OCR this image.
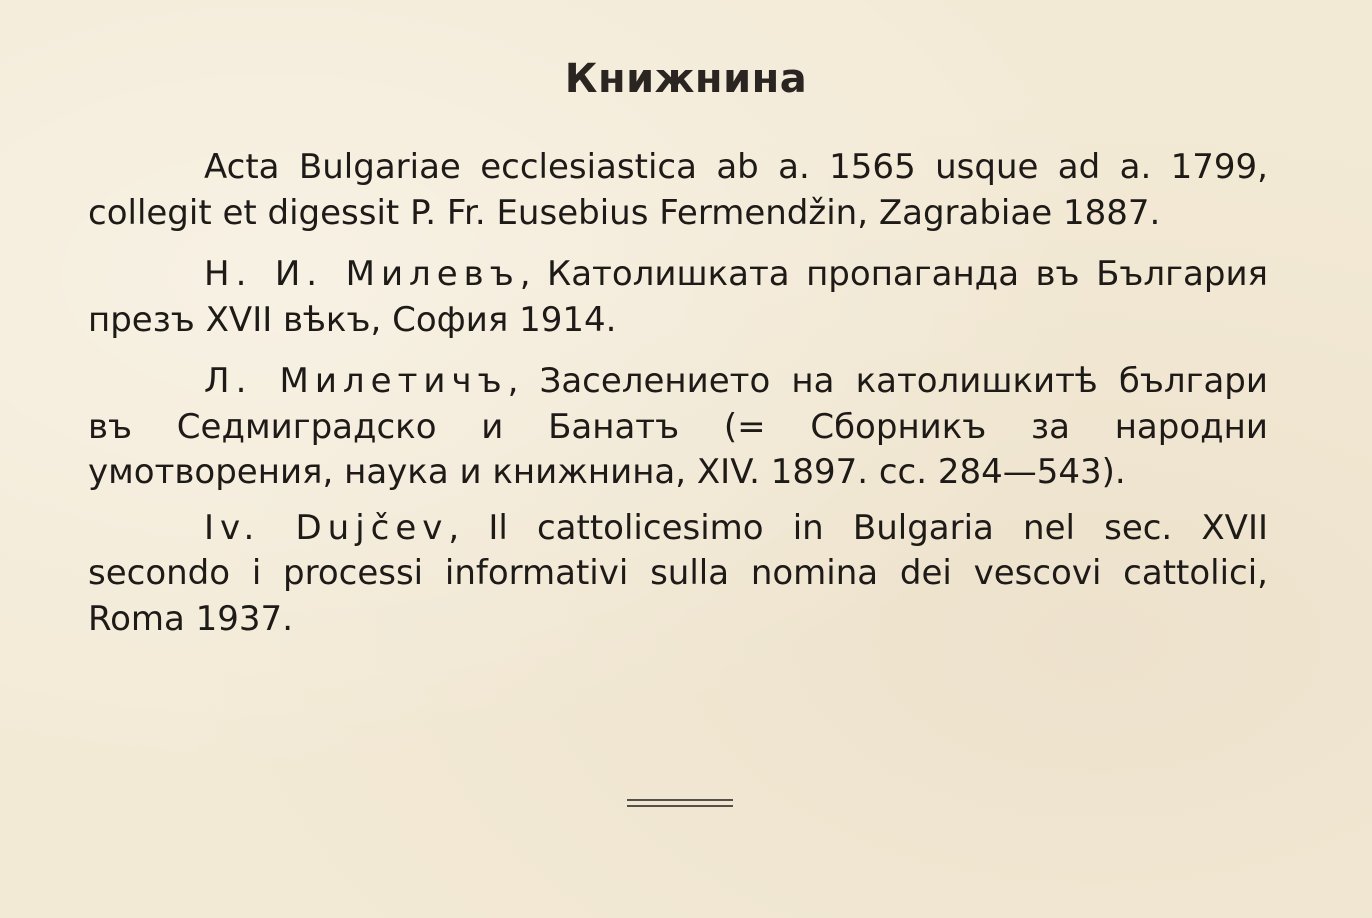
Книжнина

Acta Bulgariae ecclesiastica ab a. 1565 usque ad a. 1799, collegit et digessit P. Fr. Eusebius Fermendžin, Zagrabiae 1887.

Н. И. Милевъ, Католишката пропаганда въ България презъ XVII вѣкъ, София 1914.

Л. Милетичъ, Заселението на католишкитѣ българи въ Седмиградско и Банатъ (= Сборникъ за народни умотворения, наука и книжнина, XIV. 1897. сс. 284—543).

Iv. Dujčev, Il cattolicesimo in Bulgaria nel sec. XVII secondo i processi informativi sulla nomina dei vescovi cattolici, Roma 1937.
